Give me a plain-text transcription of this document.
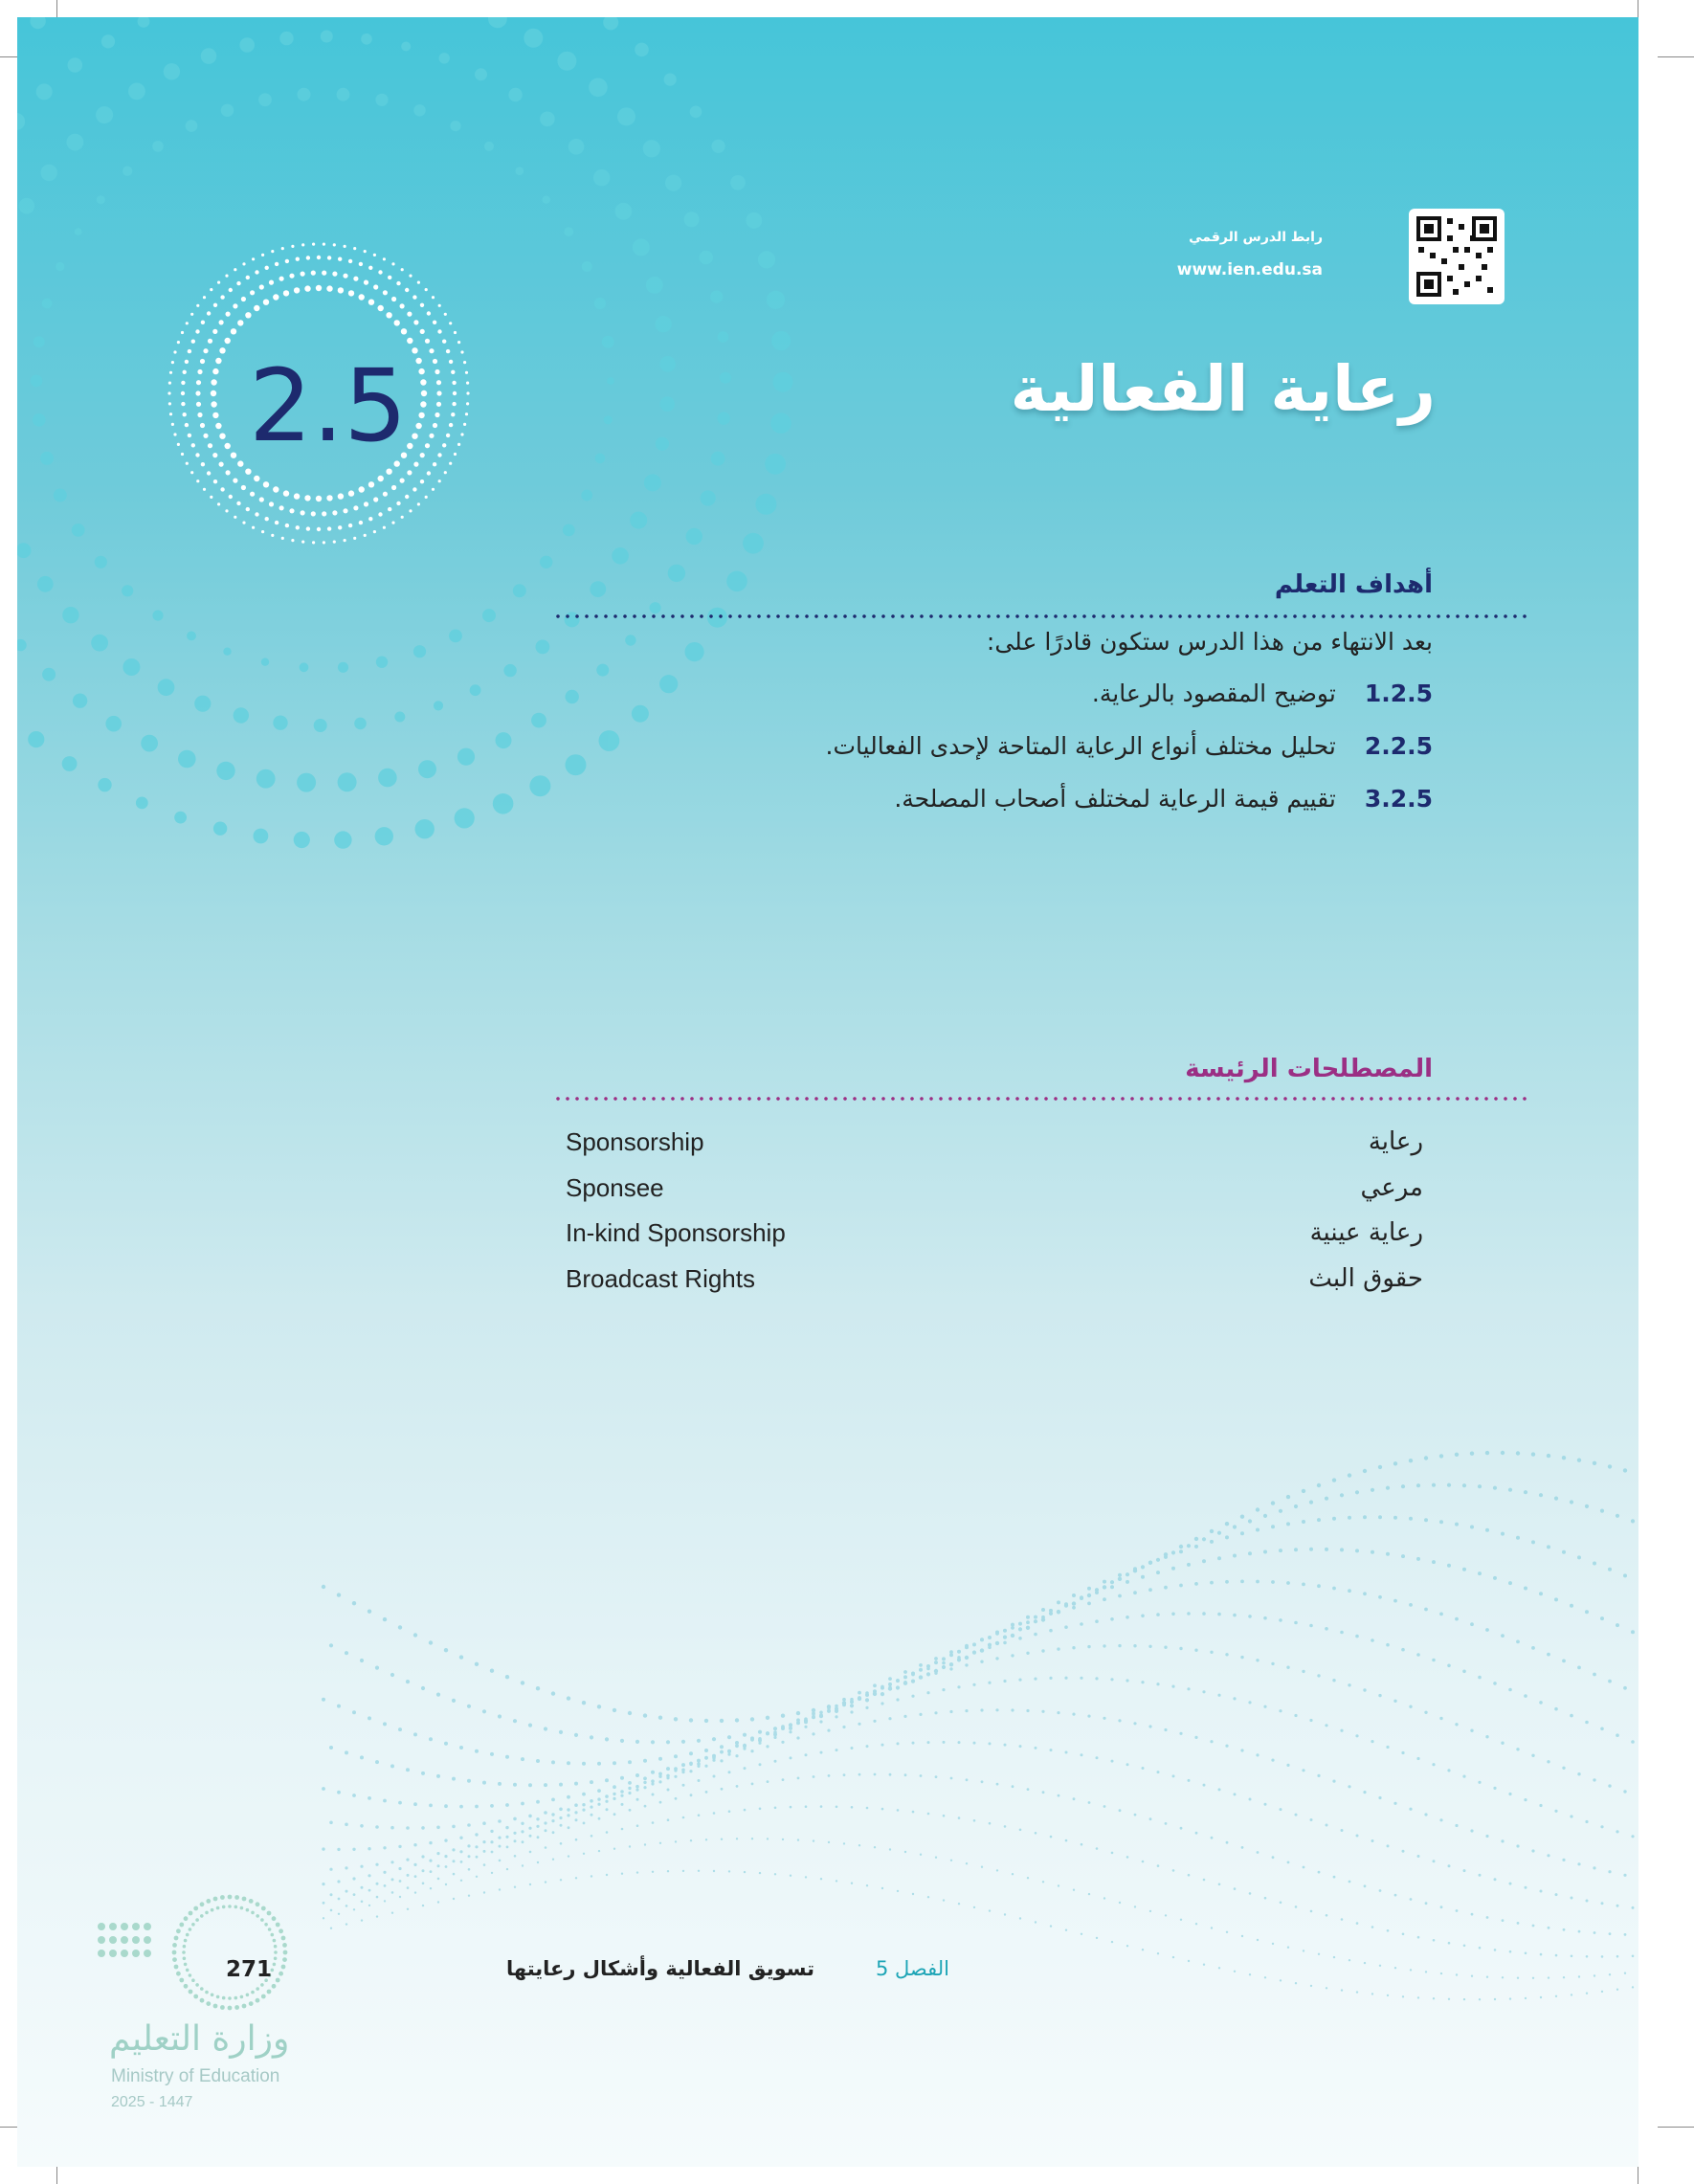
رابط الدرس الرقمي
www.ien.edu.sa
2.5	رعاية الفعالية
أهداف التعلم
بعد الانتهاء من هذا الدرس ستكون قادرًا على:
1.2.5
توضيح المقصود بالرعاية.
2.2.5
تحليل مختلف أنواع الرعاية المتاحة لإحدى الفعاليات.
3.2.5
تقييم قيمة الرعاية لمختلف أصحاب المصلحة.
المصطلحات الرئيسة
Sponsorship	رعاية
Sponsee	مرعي
In-kind Sponsorship	رعاية عينية
Broadcast Rights	حقوق البث
الفصل 5
تسويق الفعالية وأشكال رعايتها
271
وزارة التعليم
Ministry of Education
2025 - 1447
